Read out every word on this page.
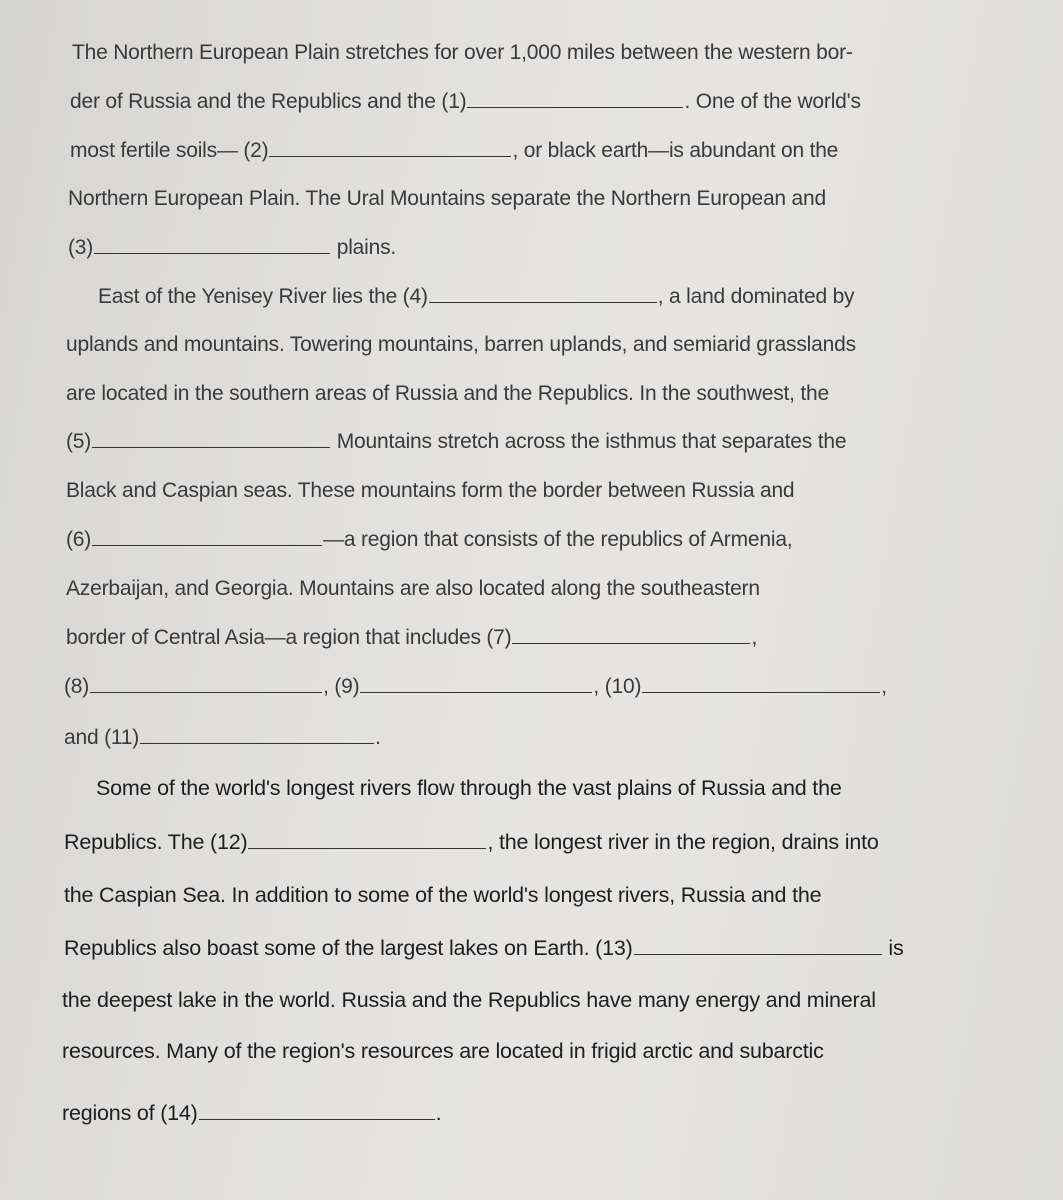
The Northern European Plain stretches for over 1,000 miles between the western bor-
der of Russia and the Republics and the (1)	. One of the world's
most fertile soils— (2)	, or black earth—is abundant on the
Northern European Plain. The Ural Mountains separate the Northern European and
(3)	plains.
East of the Yenisey River lies the (4)	, a land dominated by
uplands and mountains. Towering mountains, barren uplands, and semiarid grasslands
are located in the southern areas of Russia and the Republics. In the southwest, the
(5)	Mountains stretch across the isthmus that separates the
Black and Caspian seas. These mountains form the border between Russia and
(6)	—a region that consists of the republics of Armenia,
Azerbaijan, and Georgia. Mountains are also located along the southeastern
border of Central Asia—a region that includes (7)	,
(8)	, (9)	, (10)	,
and (11)	.
Some of the world's longest rivers flow through the vast plains of Russia and the
Republics. The (12)	, the longest river in the region, drains into
the Caspian Sea. In addition to some of the world's longest rivers, Russia and the
Republics also boast some of the largest lakes on Earth. (13)	is
the deepest lake in the world. Russia and the Republics have many energy and mineral
resources. Many of the region's resources are located in frigid arctic and subarctic
regions of (14)	.
